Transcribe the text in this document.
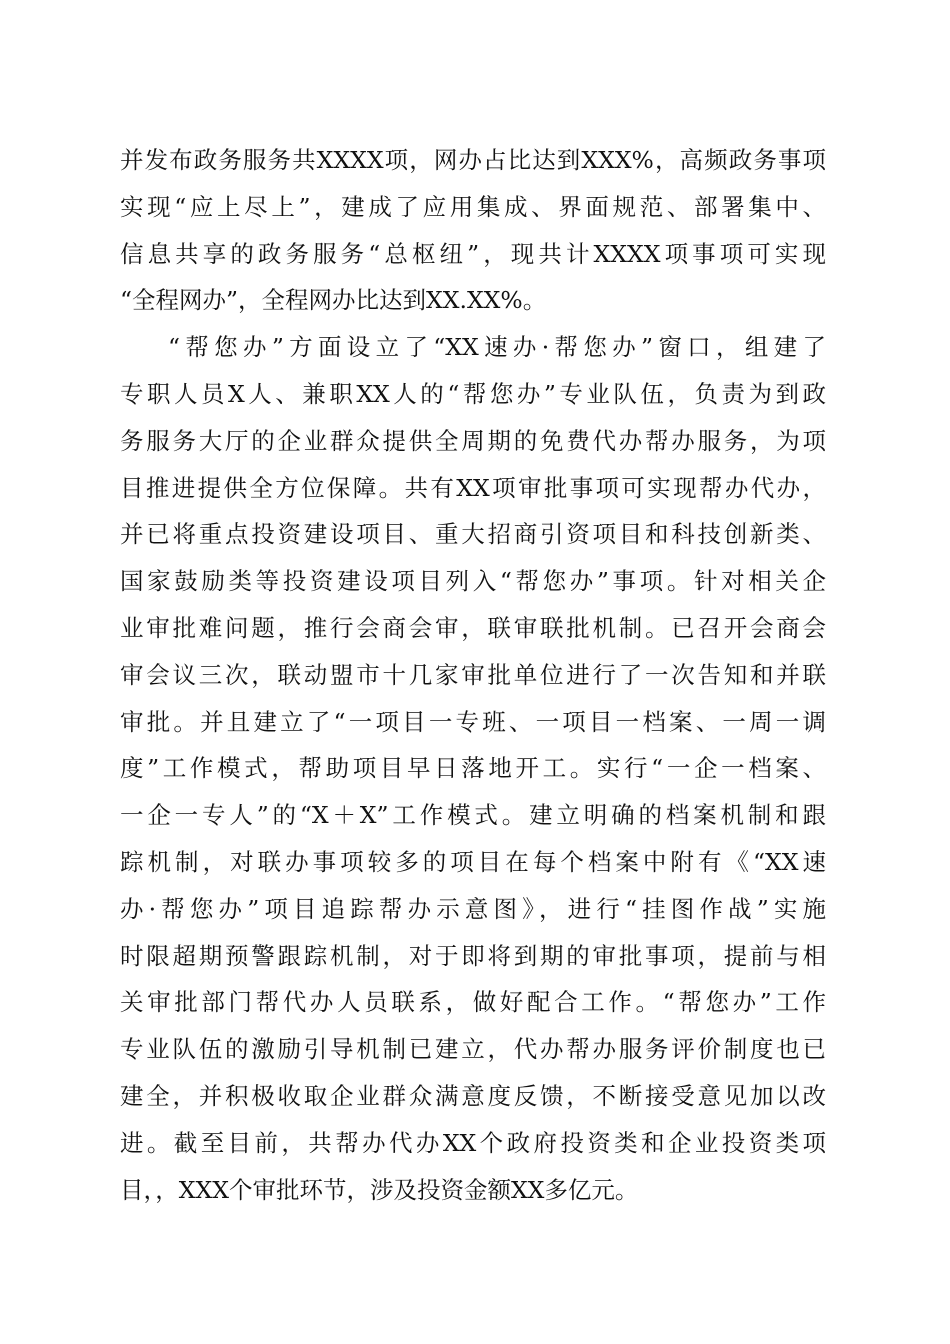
并发布政务服务共XXXX项，网办占比达到XXX%，高频政务事项
实现“应上尽上”，建成了应用集成、界面规范、部署集中、
信息共享的政务服务“总枢纽”，现共计XXXX项事项可实现
“全程网办”，全程网办比达到XX.XX%。
“帮您办”方面设立了“XX速办·帮您办”窗口，组建了
专职人员X人、兼职XX人的“帮您办”专业队伍，负责为到政
务服务大厅的企业群众提供全周期的免费代办帮办服务，为项
目推进提供全方位保障。共有XX项审批事项可实现帮办代办，
并已将重点投资建设项目、重大招商引资项目和科技创新类、
国家鼓励类等投资建设项目列入“帮您办”事项。针对相关企
业审批难问题，推行会商会审，联审联批机制。已召开会商会
审会议三次，联动盟市十几家审批单位进行了一次告知和并联
审批。并且建立了“一项目一专班、一项目一档案、一周一调
度”工作模式，帮助项目早日落地开工。实行“一企一档案、
一企一专人”的“X＋X”工作模式。建立明确的档案机制和跟
踪机制，对联办事项较多的项目在每个档案中附有《“XX速
办·帮您办”项目追踪帮办示意图》，进行“挂图作战”实施
时限超期预警跟踪机制，对于即将到期的审批事项，提前与相
关审批部门帮代办人员联系，做好配合工作。“帮您办”工作
专业队伍的激励引导机制已建立，代办帮办服务评价制度也已
建全，并积极收取企业群众满意度反馈，不断接受意见加以改
进。截至目前，共帮办代办XX个政府投资类和企业投资类项
目，，XXX个审批环节，涉及投资金额XX多亿元。
